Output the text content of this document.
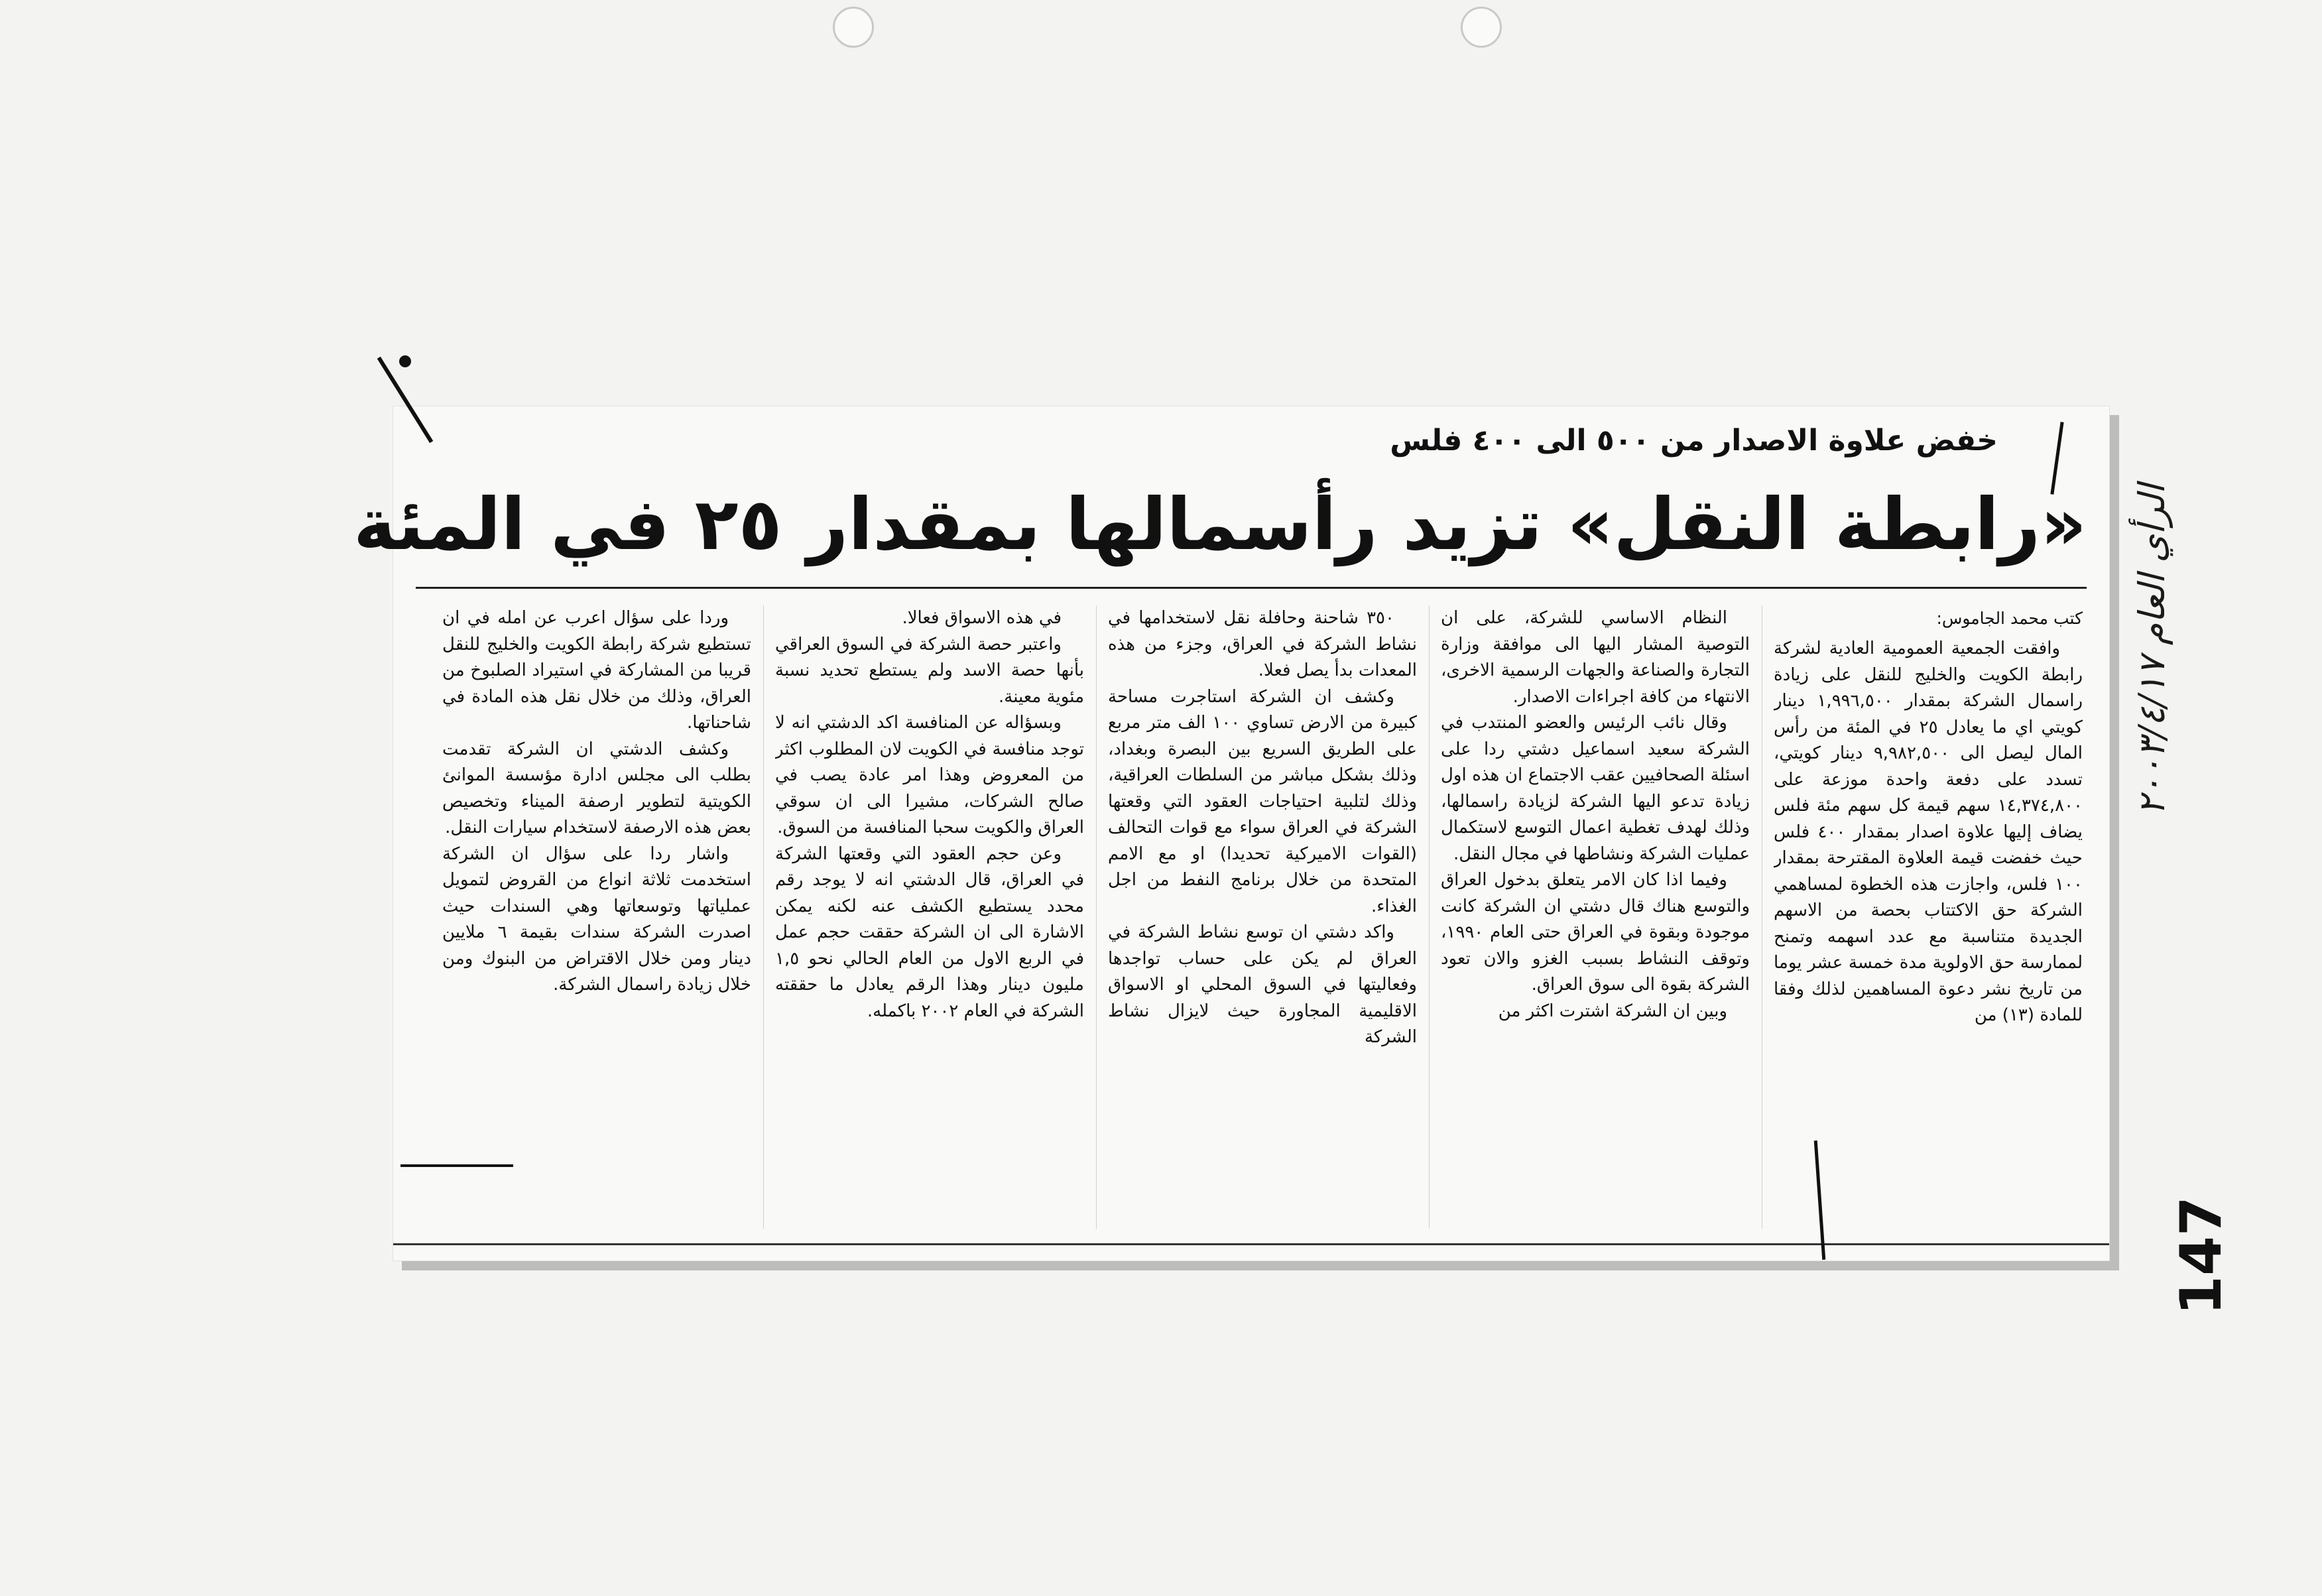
خفض علاوة الاصدار من ٥٠٠ الى ٤٠٠ فلس
«رابطة النقل» تزيد رأسمالها بمقدار ٢٥ في المئة
كتب محمد الجاموس:

وافقت الجمعية العمومية العادية لشركة رابطة الكويت والخليج للنقل على زيادة راسمال الشركة بمقدار ١,٩٩٦,٥٠٠ دينار كويتي اي ما يعادل ٢٥ في المئة من رأس المال ليصل الى ٩,٩٨٢,٥٠٠ دينار كويتي، تسدد على دفعة واحدة موزعة على ١٤,٣٧٤,٨٠٠ سهم قيمة كل سهم مئة فلس يضاف إليها علاوة اصدار بمقدار ٤٠٠ فلس حيث خفضت قيمة العلاوة المقترحة بمقدار ١٠٠ فلس، واجازت هذه الخطوة لمساهمي الشركة حق الاكتتاب بحصة من الاسهم الجديدة متناسبة مع عدد اسهمه وتمنح لممارسة حق الاولوية مدة خمسة عشر يوما من تاريخ نشر دعوة المساهمين لذلك وفقا للمادة (١٣) من

النظام الاساسي للشركة، على ان التوصية المشار اليها الى موافقة وزارة التجارة والصناعة والجهات الرسمية الاخرى، الانتهاء من كافة اجراءات الاصدار.

وقال نائب الرئيس والعضو المنتدب في الشركة سعيد اسماعيل دشتي ردا على اسئلة الصحافيين عقب الاجتماع ان هذه اول زيادة تدعو اليها الشركة لزيادة راسمالها، وذلك لهدف تغطية اعمال التوسع لاستكمال عمليات الشركة ونشاطها في مجال النقل.

وفيما اذا كان الامر يتعلق بدخول العراق والتوسع هناك قال دشتي ان الشركة كانت موجودة وبقوة في العراق حتى العام ١٩٩٠، وتوقف النشاط بسبب الغزو والان تعود الشركة بقوة الى سوق العراق.

وبين ان الشركة اشترت اكثر من

٣٥٠ شاحنة وحافلة نقل لاستخدامها في نشاط الشركة في العراق، وجزء من هذه المعدات بدأ يصل فعلا.

وكشف ان الشركة استاجرت مساحة كبيرة من الارض تساوي ١٠٠ الف متر مربع على الطريق السريع بين البصرة وبغداد، وذلك بشكل مباشر من السلطات العراقية، وذلك لتلبية احتياجات العقود التي وقعتها الشركة في العراق سواء مع قوات التحالف (القوات الاميركية تحديدا) او مع الامم المتحدة من خلال برنامج النفط من اجل الغذاء.

واكد دشتي ان توسع نشاط الشركة في العراق لم يكن على حساب تواجدها وفعاليتها في السوق المحلي او الاسواق الاقليمية المجاورة حيث لايزال نشاط الشركة

في هذه الاسواق فعالا.

واعتبر حصة الشركة في السوق العراقي بأنها حصة الاسد ولم يستطع تحديد نسبة مئوية معينة.

وبسؤاله عن المنافسة اكد الدشتي انه لا توجد منافسة في الكويت لان المطلوب اكثر من المعروض وهذا امر عادة يصب في صالح الشركات، مشيرا الى ان سوقي العراق والكويت سحبا المنافسة من السوق.

وعن حجم العقود التي وقعتها الشركة في العراق، قال الدشتي انه لا يوجد رقم محدد يستطيع الكشف عنه لكنه يمكن الاشارة الى ان الشركة حققت حجم عمل في الربع الاول من العام الحالي نحو ١,٥ مليون دينار وهذا الرقم يعادل ما حققته الشركة في العام ٢٠٠٢ باكمله.

وردا على سؤال اعرب عن امله في ان تستطيع شركة رابطة الكويت والخليج للنقل قريبا من المشاركة في استيراد الصلبوخ من العراق، وذلك من خلال نقل هذه المادة في شاحناتها.

وكشف الدشتي ان الشركة تقدمت بطلب الى مجلس ادارة مؤسسة الموانئ الكويتية لتطوير ارصفة الميناء وتخصيص بعض هذه الارصفة لاستخدام سيارات النقل.

واشار ردا على سؤال ان الشركة استخدمت ثلاثة انواع من القروض لتمويل عملياتها وتوسعاتها وهي السندات حيث اصدرت الشركة سندات بقيمة ٦ ملايين دينار ومن خلال الاقتراض من البنوك ومن خلال زيادة راسمال الشركة.

الرأي العام ٢٠٠٣/٤/١٧
147
